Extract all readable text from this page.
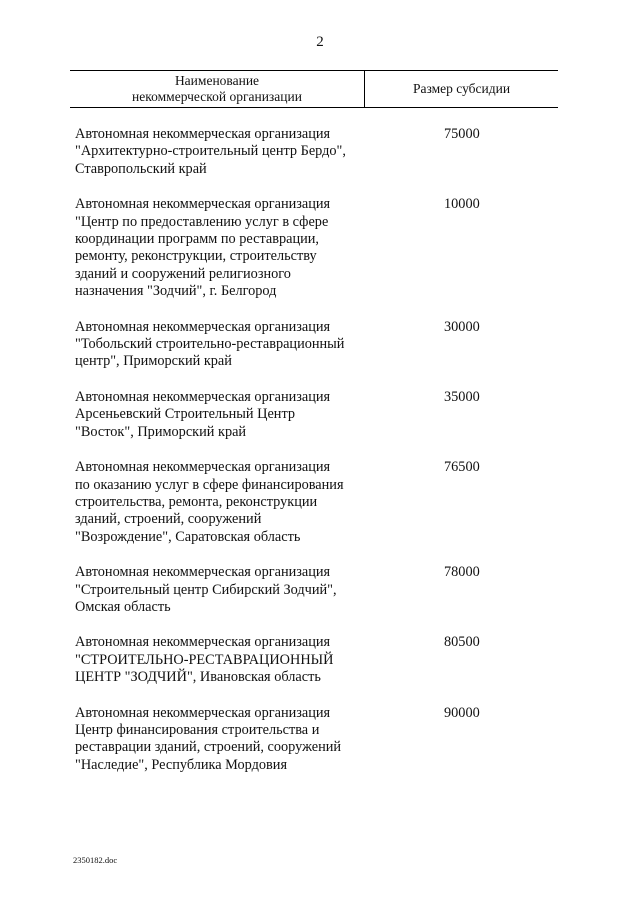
2
Наименование
некоммерческой организации
Размер субсидии
Автономная некоммерческая организация
"Архитектурно-строительный центр Бердо",
Ставропольский край
75000
Автономная некоммерческая организация
"Центр по предоставлению услуг в сфере
координации программ по реставрации,
ремонту, реконструкции, строительству
зданий и сооружений религиозного
назначения "Зодчий", г. Белгород
10000
Автономная некоммерческая организация
"Тобольский строительно-реставрационный
центр", Приморский край
30000
Автономная некоммерческая организация
Арсеньевский Строительный Центр
"Восток", Приморский край
35000
Автономная некоммерческая организация
по оказанию услуг в сфере финансирования
строительства, ремонта, реконструкции
зданий, строений, сооружений
"Возрождение", Саратовская область
76500
Автономная некоммерческая организация
"Строительный центр Сибирский Зодчий",
Омская область
78000
Автономная некоммерческая организация
"СТРОИТЕЛЬНО-РЕСТАВРАЦИОННЫЙ
ЦЕНТР "ЗОДЧИЙ", Ивановская область
80500
Автономная некоммерческая организация
Центр финансирования строительства и
реставрации зданий, строений, сооружений
"Наследие", Республика Мордовия
90000
2350182.doc
